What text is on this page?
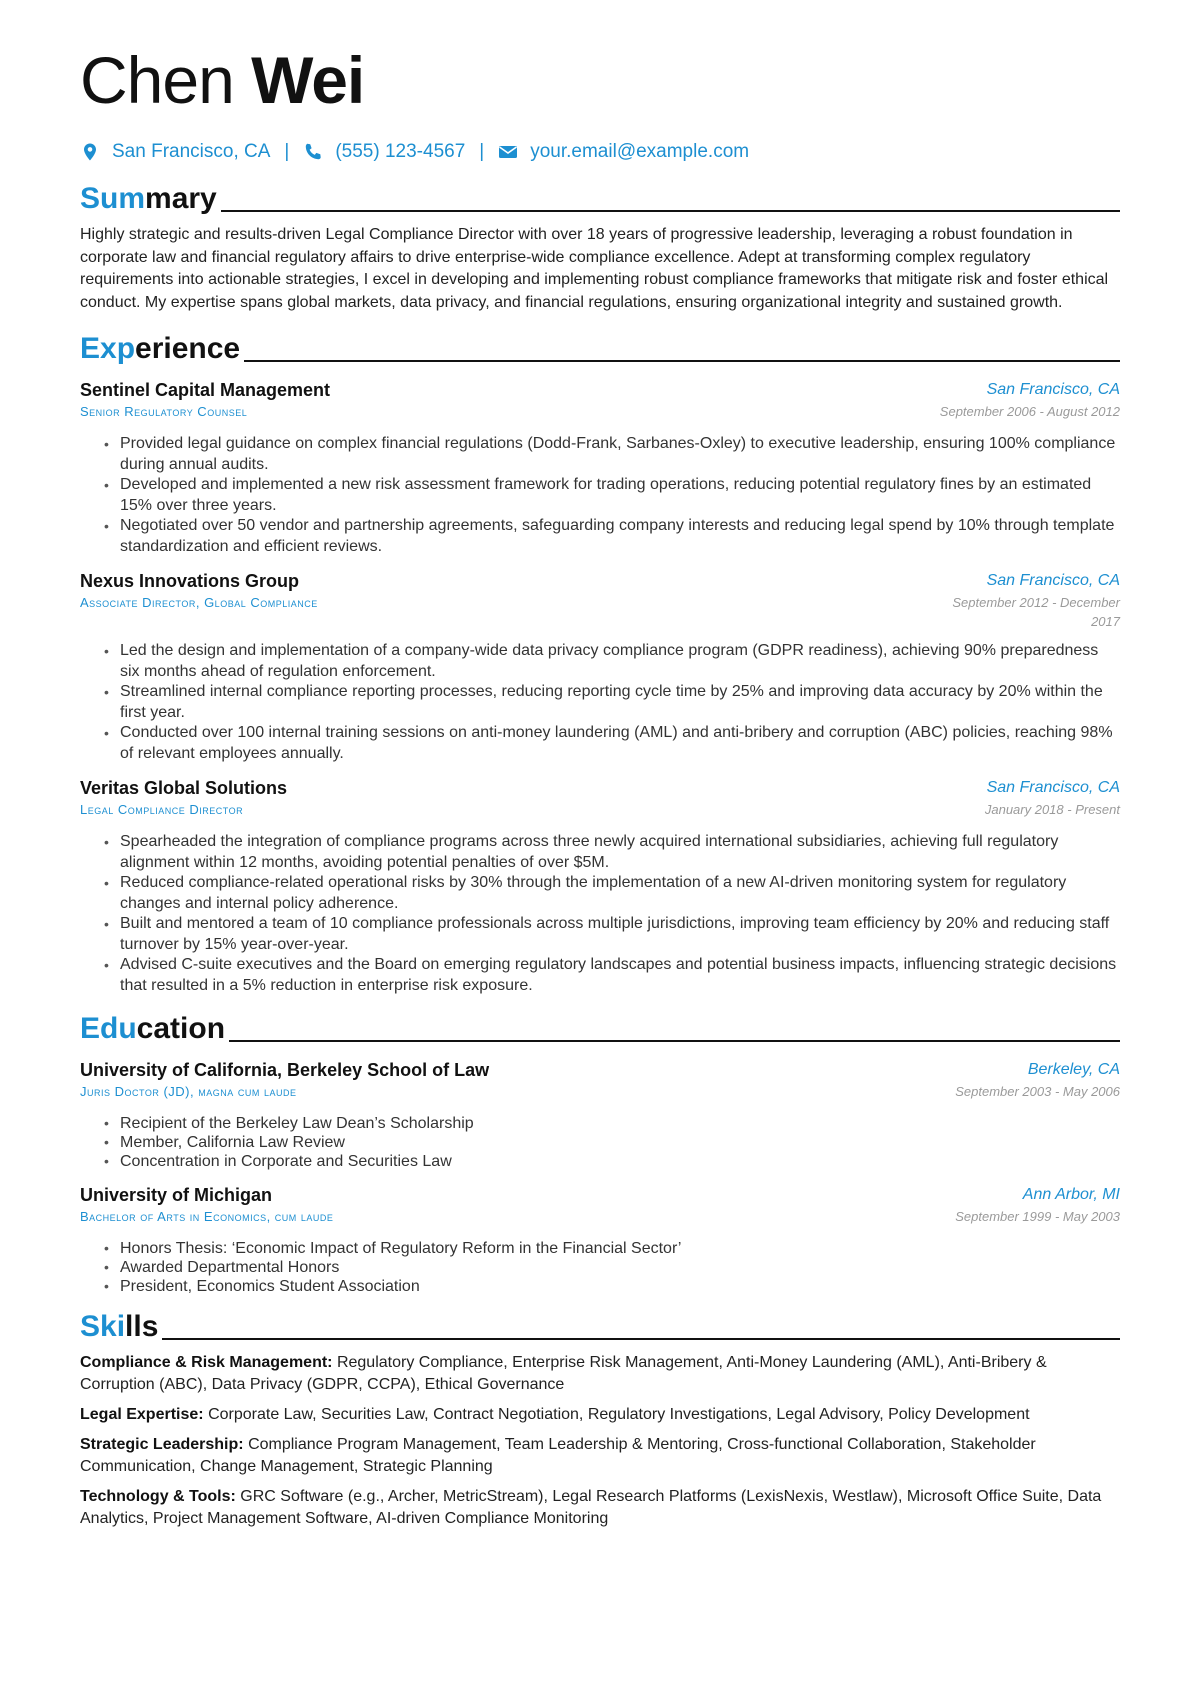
Chen Wei
San Francisco, CA | (555) 123-4567 | your.email@example.com
Summary

Highly strategic and results-driven Legal Compliance Director with over 18 years of progressive leadership, leveraging a robust foundation in corporate law and financial regulatory affairs to drive enterprise-wide compliance excellence. Adept at transforming complex regulatory requirements into actionable strategies, I excel in developing and implementing robust compliance frameworks that mitigate risk and foster ethical conduct. My expertise spans global markets, data privacy, and financial regulations, ensuring organizational integrity and sustained growth.

Experience
Sentinel Capital Management
Senior Regulatory Counsel
San Francisco, CA
September 2006 - August 2012
• Provided legal guidance on complex financial regulations (Dodd-Frank, Sarbanes-Oxley) to executive leadership, ensuring 100% compliance during annual audits.
• Developed and implemented a new risk assessment framework for trading operations, reducing potential regulatory fines by an estimated 15% over three years.
• Negotiated over 50 vendor and partnership agreements, safeguarding company interests and reducing legal spend by 10% through template standardization and efficient reviews.
Nexus Innovations Group
Associate Director, Global Compliance
San Francisco, CA
September 2012 - December 2017
• Led the design and implementation of a company-wide data privacy compliance program (GDPR readiness), achieving 90% preparedness six months ahead of regulation enforcement.
• Streamlined internal compliance reporting processes, reducing reporting cycle time by 25% and improving data accuracy by 20% within the first year.
• Conducted over 100 internal training sessions on anti-money laundering (AML) and anti-bribery and corruption (ABC) policies, reaching 98% of relevant employees annually.
Veritas Global Solutions
Legal Compliance Director
San Francisco, CA
January 2018 - Present
• Spearheaded the integration of compliance programs across three newly acquired international subsidiaries, achieving full regulatory alignment within 12 months, avoiding potential penalties of over $5M.
• Reduced compliance-related operational risks by 30% through the implementation of a new AI-driven monitoring system for regulatory changes and internal policy adherence.
• Built and mentored a team of 10 compliance professionals across multiple jurisdictions, improving team efficiency by 20% and reducing staff turnover by 15% year-over-year.
• Advised C-suite executives and the Board on emerging regulatory landscapes and potential business impacts, influencing strategic decisions that resulted in a 5% reduction in enterprise risk exposure.
Education
University of California, Berkeley School of Law
Juris Doctor (JD), magna cum laude
Berkeley, CA
September 2003 - May 2006
• Recipient of the Berkeley Law Dean’s Scholarship
• Member, California Law Review
• Concentration in Corporate and Securities Law
University of Michigan
Bachelor of Arts in Economics, cum laude
Ann Arbor, MI
September 1999 - May 2003
• Honors Thesis: ‘Economic Impact of Regulatory Reform in the Financial Sector’
• Awarded Departmental Honors
• President, Economics Student Association
Skills
Compliance & Risk Management: Regulatory Compliance, Enterprise Risk Management, Anti-Money Laundering (AML), Anti-Bribery & Corruption (ABC), Data Privacy (GDPR, CCPA), Ethical Governance
Legal Expertise: Corporate Law, Securities Law, Contract Negotiation, Regulatory Investigations, Legal Advisory, Policy Development
Strategic Leadership: Compliance Program Management, Team Leadership & Mentoring, Cross-functional Collaboration, Stakeholder Communication, Change Management, Strategic Planning
Technology & Tools: GRC Software (e.g., Archer, MetricStream), Legal Research Platforms (LexisNexis, Westlaw), Microsoft Office Suite, Data Analytics, Project Management Software, AI-driven Compliance Monitoring
